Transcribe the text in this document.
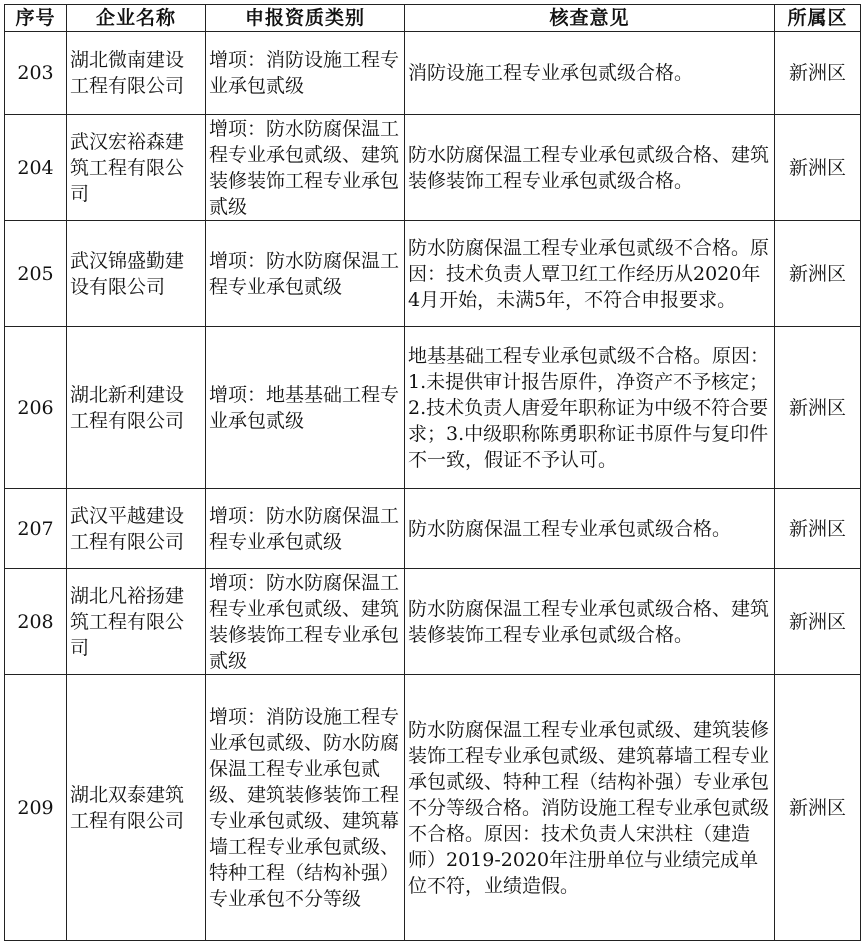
序号	企业名称	申报资质类别	核查意见	所属区
203	湖北微南建设工程有限公司	增项：消防设施工程专业承包贰级	消防设施工程专业承包贰级合格。	新洲区
204	武汉宏裕森建筑工程有限公司	增项：防水防腐保温工程专业承包贰级、建筑装修装饰工程专业承包贰级	防水防腐保温工程专业承包贰级合格、建筑装修装饰工程专业承包贰级合格。	新洲区
205	武汉锦盛勤建设有限公司	增项：防水防腐保温工程专业承包贰级	防水防腐保温工程专业承包贰级不合格。原因：技术负责人覃卫红工作经历从2020年4月开始，未满5年，不符合申报要求。	新洲区
206	湖北新利建设工程有限公司	增项：地基基础工程专业承包贰级	地基基础工程专业承包贰级不合格。原因：1.未提供审计报告原件，净资产不予核定；2.技术负责人唐爱年职称证为中级不符合要求；3.中级职称陈勇职称证书原件与复印件不一致，假证不予认可。	新洲区
207	武汉平越建设工程有限公司	增项：防水防腐保温工程专业承包贰级	防水防腐保温工程专业承包贰级合格。	新洲区
208	湖北凡裕扬建筑工程有限公司	增项：防水防腐保温工程专业承包贰级、建筑装修装饰工程专业承包贰级	防水防腐保温工程专业承包贰级合格、建筑装修装饰工程专业承包贰级合格。	新洲区
209	湖北双泰建筑工程有限公司	增项：消防设施工程专业承包贰级、防水防腐保温工程专业承包贰级、建筑装修装饰工程专业承包贰级、建筑幕墙工程专业承包贰级、特种工程（结构补强）专业承包不分等级	防水防腐保温工程专业承包贰级、建筑装修装饰工程专业承包贰级、建筑幕墙工程专业承包贰级、特种工程（结构补强）专业承包不分等级合格。消防设施工程专业承包贰级不合格。原因：技术负责人宋洪柱（建造师）2019-2020年注册单位与业绩完成单位不符，业绩造假。	新洲区
